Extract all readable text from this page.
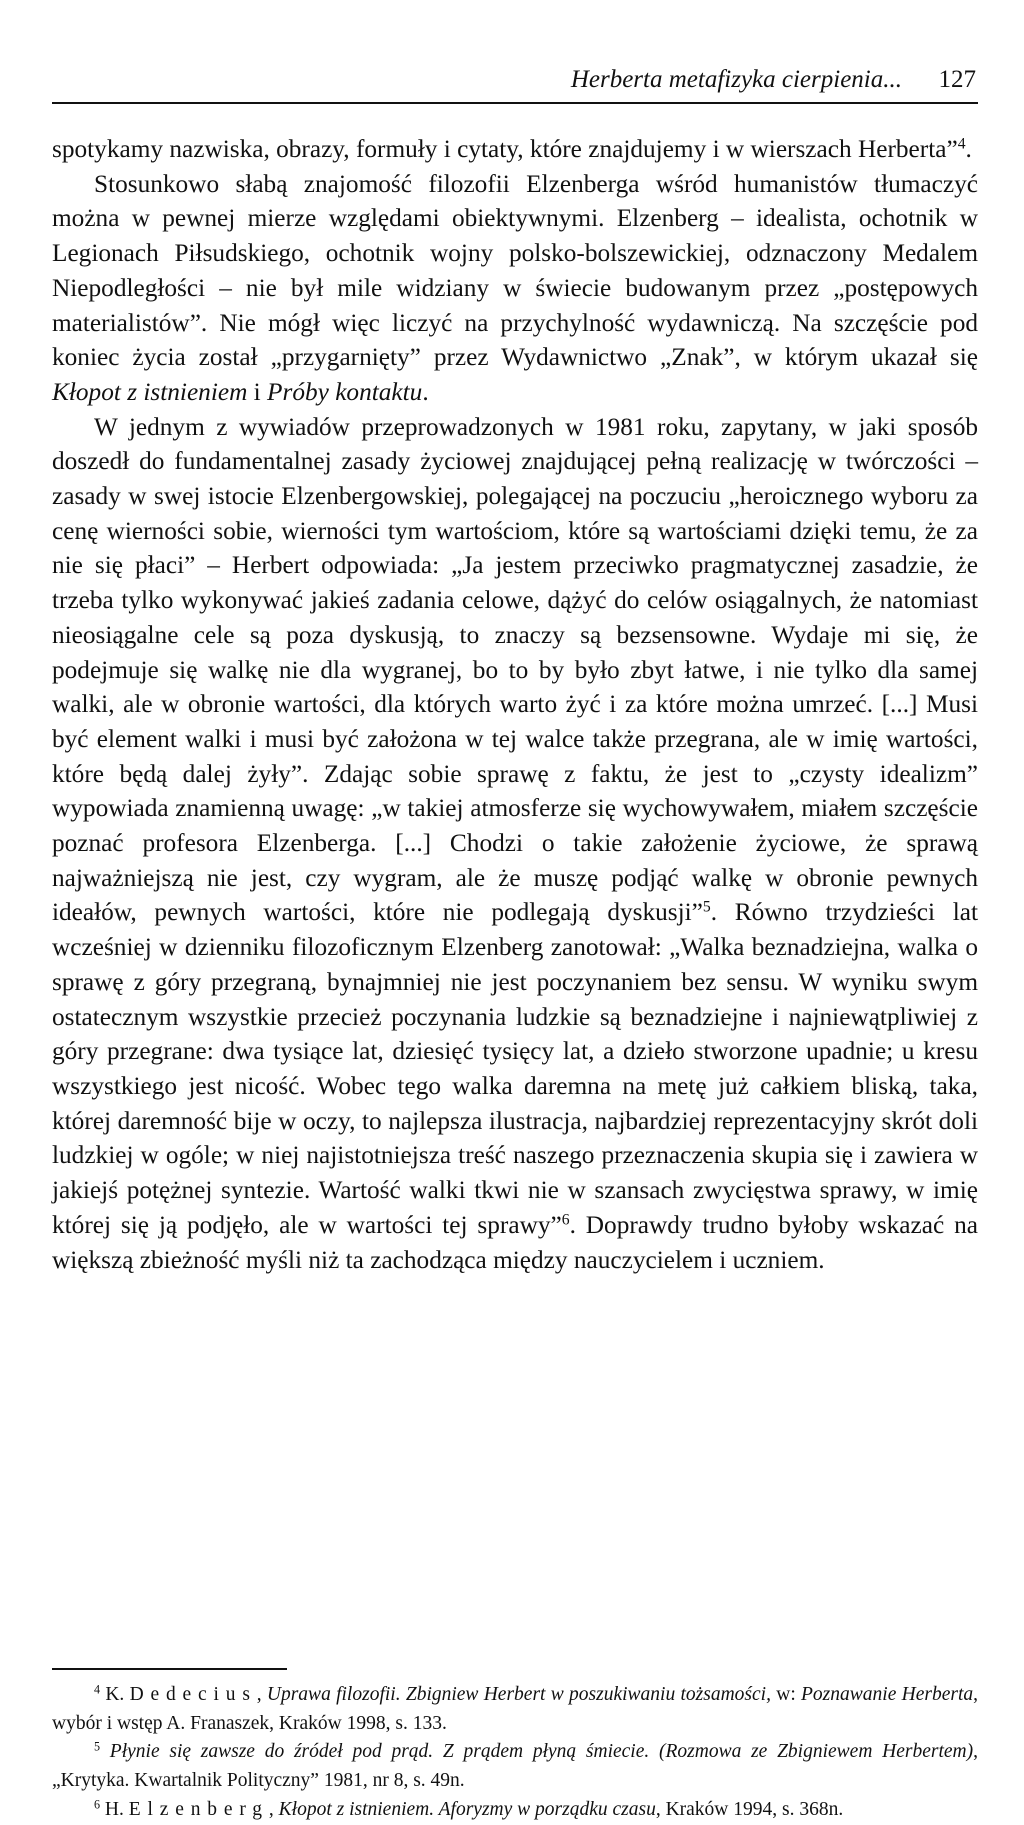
Herberta metafizyka cierpienia... 127

spotykamy nazwiska, obrazy, formuły i cytaty, które znajdujemy i w wierszach Herberta”$^4$.

Stosunkowo słabą znajomość filozofii Elzenberga wśród humanistów tłumaczyć można w pewnej mierze względami obiektywnymi. Elzenberg – idealista, ochotnik w Legionach Piłsudskiego, ochotnik wojny polsko-bolszewickiej, odznaczony Medalem Niepodległości – nie był mile widziany w świecie budowanym przez „postępowych materialistów”. Nie mógł więc liczyć na przychylność wydawniczą. Na szczęście pod koniec życia został „przygarnięty” przez Wydawnictwo „Znak”, w którym ukazał się Kłopot z istnieniem i Próby kontaktu.

W jednym z wywiadów przeprowadzonych w 1981 roku, zapytany, w jaki sposób doszedł do fundamentalnej zasady życiowej znajdującej pełną realizację w twórczości – zasady w swej istocie Elzenbergowskiej, polegającej na poczuciu „heroicznego wyboru za cenę wierności sobie, wierności tym wartościom, które są wartościami dzięki temu, że za nie się płaci” – Herbert odpowiada: „Ja jestem przeciwko pragmatycznej zasadzie, że trzeba tylko wykonywać jakieś zadania celowe, dążyć do celów osiągalnych, że natomiast nieosiągalne cele są poza dyskusją, to znaczy są bezsensowne. Wydaje mi się, że podejmuje się walkę nie dla wygranej, bo to by było zbyt łatwe, i nie tylko dla samej walki, ale w obronie wartości, dla których warto żyć i za które można umrzeć. [...] Musi być element walki i musi być założona w tej walce także przegrana, ale w imię wartości, które będą dalej żyły”. Zdając sobie sprawę z faktu, że jest to „czysty idealizm” wypowiada znamienną uwagę: „w takiej atmosferze się wychowywałem, miałem szczęście poznać profesora Elzenberga. [...] Chodzi o takie założenie życiowe, że sprawą najważniejszą nie jest, czy wygram, ale że muszę podjąć walkę w obronie pewnych ideałów, pewnych wartości, które nie podlegają dyskusji”$^5$. Równo trzydzieści lat wcześniej w dzienniku filozoficznym Elzenberg zanotował: „Walka beznadziejna, walka o sprawę z góry przegraną, bynajmniej nie jest poczynaniem bez sensu. W wyniku swym ostatecznym wszystkie przecież poczynania ludzkie są beznadziejne i najniewątpliwiej z góry przegrane: dwa tysiące lat, dziesięć tysięcy lat, a dzieło stworzone upadnie; u kresu wszystkiego jest nicość. Wobec tego walka daremna na metę już całkiem bliską, taka, której daremność bije w oczy, to najlepsza ilustracja, najbardziej reprezentacyjny skrót doli ludzkiej w ogóle; w niej najistotniejsza treść naszego przeznaczenia skupia się i zawiera w jakiejś potężnej syntezie. Wartość walki tkwi nie w szansach zwycięstwa sprawy, w imię której się ją podjęło, ale w wartości tej sprawy”$^6$. Doprawdy trudno byłoby wskazać na większą zbieżność myśli niż ta zachodząca między nauczycielem i uczniem.

$^4$ K. Dedecius, Uprawa filozofii. Zbigniew Herbert w poszukiwaniu tożsamości, w: Poznawanie Herberta, wybór i wstęp A. Franaszek, Kraków 1998, s. 133.

$^5$ Płynie się zawsze do źródeł pod prąd. Z prądem płyną śmiecie. (Rozmowa ze Zbigniewem Herbertem), „Krytyka. Kwartalnik Polityczny” 1981, nr 8, s. 49n.

$^6$ H. Elzenberg, Kłopot z istnieniem. Aforyzmy w porządku czasu, Kraków 1994, s. 368n.
